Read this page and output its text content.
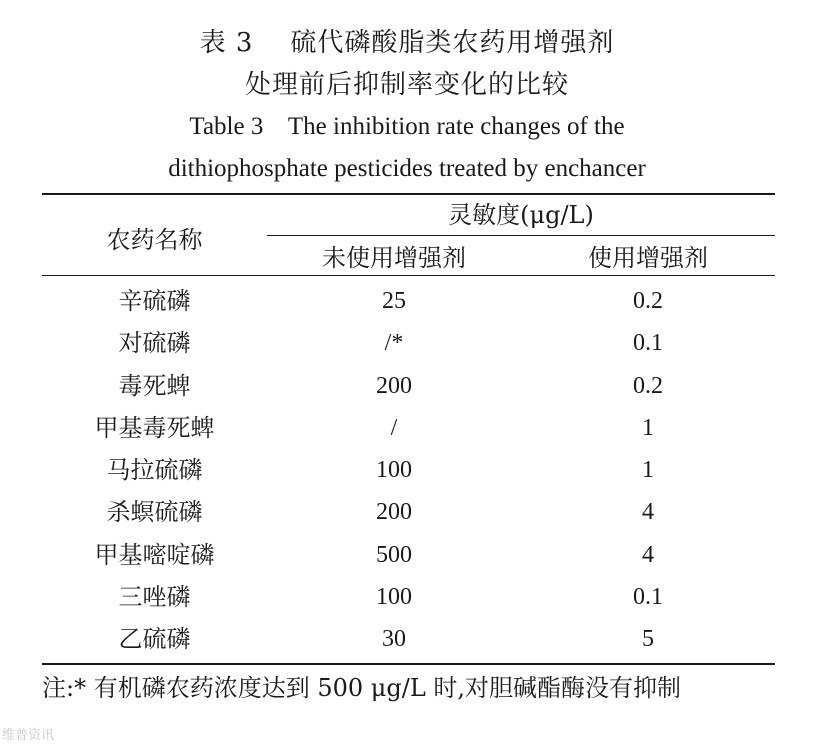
表 3    硫代磷酸脂类农药用增强剂
处理前后抑制率变化的比较
Table 3    The inhibition rate changes of the
dithiophosphate pesticides treated by enchancer
农药名称
灵敏度(μg/L)
未使用增强剂	使用增强剂
辛硫磷	25	0.2
对硫磷	/*	0.1
毒死蜱	200	0.2
甲基毒死蜱	/	1
马拉硫磷	100	1
杀螟硫磷	200	4
甲基嘧啶磷	500	4
三唑磷	100	0.1
乙硫磷	30	5
注:* 有机磷农药浓度达到 500 μg/L 时,对胆碱酯酶没有抑制
维普资讯
